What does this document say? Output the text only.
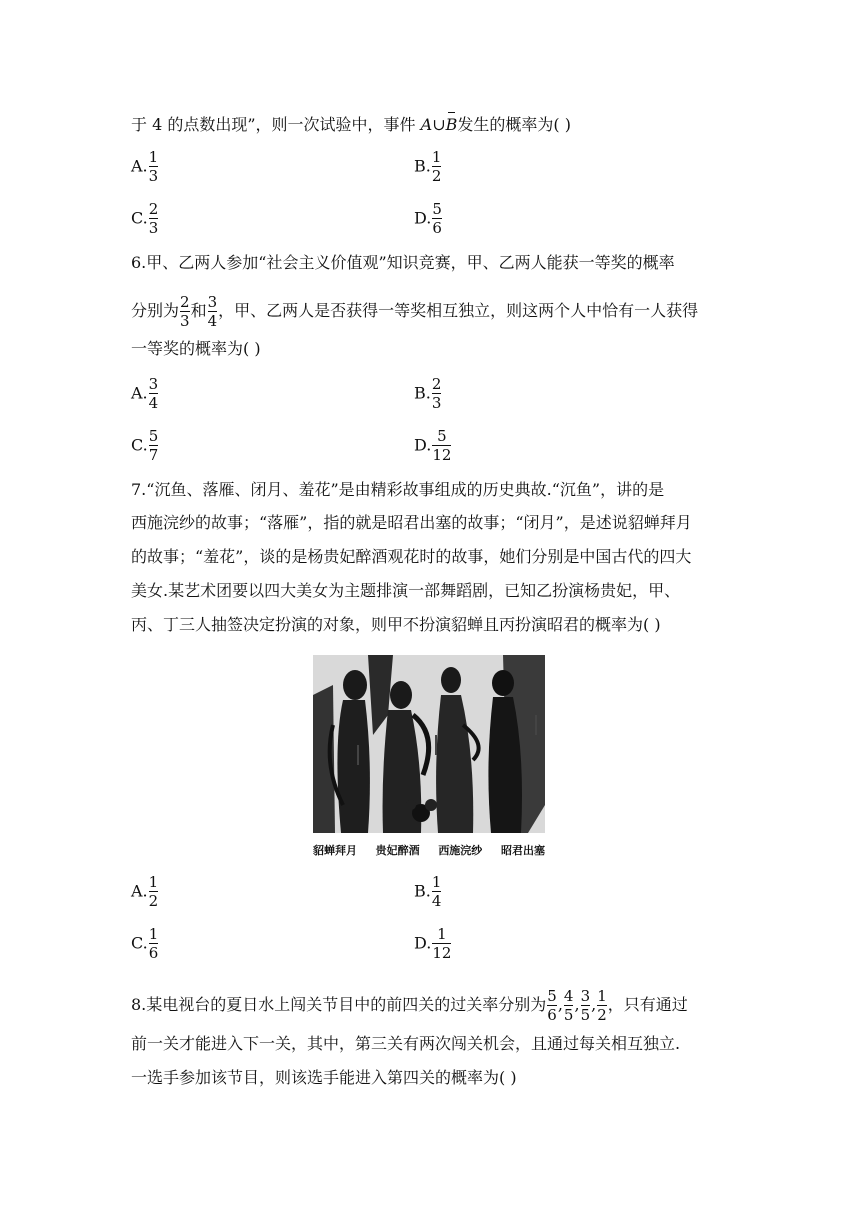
于 4 的点数出现”，则一次试验中，事件 A∪
B发生的概率为( )
A. $\frac{1}{3}$	B. $\frac{1}{2}$
C. $\frac{2}{3}$	D. $\frac{5}{6}$
6.甲、乙两人参加“社会主义价值观”知识竞赛，甲、乙两人能获一等奖的概率
分别为 $\frac{2}{3}$ 和 $\frac{3}{4}$ ，甲、乙两人是否获得一等奖相互独立，则这两个人中恰有一人获得
一等奖的概率为( )
A. $\frac{3}{4}$	B. $\frac{2}{3}$
C. $\frac{5}{7}$	D. $\frac{5}{12}$
7.“沉鱼、落雁、闭月、羞花”是由精彩故事组成的历史典故.“沉鱼”，讲的是
西施浣纱的故事；“落雁”，指的就是昭君出塞的故事；“闭月”，是述说貂蝉拜月
的故事；“羞花”，谈的是杨贵妃醉酒观花时的故事，她们分别是中国古代的四大
美女.某艺术团要以四大美女为主题排演一部舞蹈剧，已知乙扮演杨贵妃，甲、
丙、丁三人抽签决定扮演的对象，则甲不扮演貂蝉且丙扮演昭君的概率为( )
貂蝉拜月 贵妃醉酒 西施浣纱 昭君出塞
A. $\frac{1}{2}$	B. $\frac{1}{4}$
C. $\frac{1}{6}$	D. $\frac{1}{12}$
8.某电视台的夏日水上闯关节目中的前四关的过关率分别为 $\frac{5}{6}$ , $\frac{4}{5}$ , $\frac{3}{5}$ , $\frac{1}{2}$ ，只有通过
前一关才能进入下一关，其中，第三关有两次闯关机会，且通过每关相互独立.
一选手参加该节目，则该选手能进入第四关的概率为( )
